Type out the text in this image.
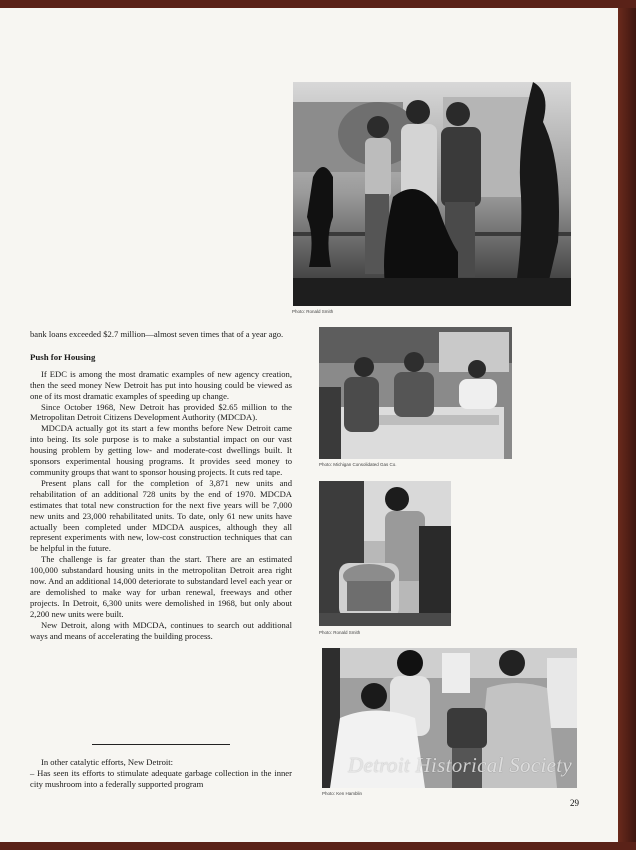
Photo: Ronald Smith
Photo: Michigan Consolidated Gas Co.
Photo: Ronald Smith
Photo: Ken Hamblin

bank loans exceeded $2.7 million—almost seven times that of a year ago.

Push for Housing

If EDC is among the most dramatic examples of new agency creation, then the seed money New Detroit has put into housing could be viewed as one of its most dramatic examples of speeding up change.

Since October 1968, New Detroit has provided $2.65 million to the Metropolitan Detroit Citizens Development Authority (MDCDA).

MDCDA actually got its start a few months before New Detroit came into being. Its sole purpose is to make a substantial impact on our vast housing problem by getting low- and moderate-cost dwellings built. It sponsors experimental housing programs. It provides seed money to community groups that want to sponsor housing projects. It cuts red tape.

Present plans call for the completion of 3,871 new units and rehabilitation of an additional 728 units by the end of 1970. MDCDA estimates that total new construction for the next five years will be 7,000 new units and 23,000 rehabilitated units. To date, only 61 new units have actually been completed under MDCDA auspices, although they all represent experiments with new, low-cost construction techniques that can be helpful in the future.

The challenge is far greater than the start. There are an estimated 100,000 substandard housing units in the metropolitan Detroit area right now. And an additional 14,000 deteriorate to substandard level each year or are demolished to make way for urban renewal, freeways and other projects. In Detroit, 6,300 units were demolished in 1968, but only about 2,200 new units were built.

New Detroit, along with MDCDA, continues to search out additional ways and means of accelerating the building process.

In other catalytic efforts, New Detroit:

– Has seen its efforts to stimulate adequate garbage collection in the inner city mushroom into a federally supported program

29
Detroit Historical Society
